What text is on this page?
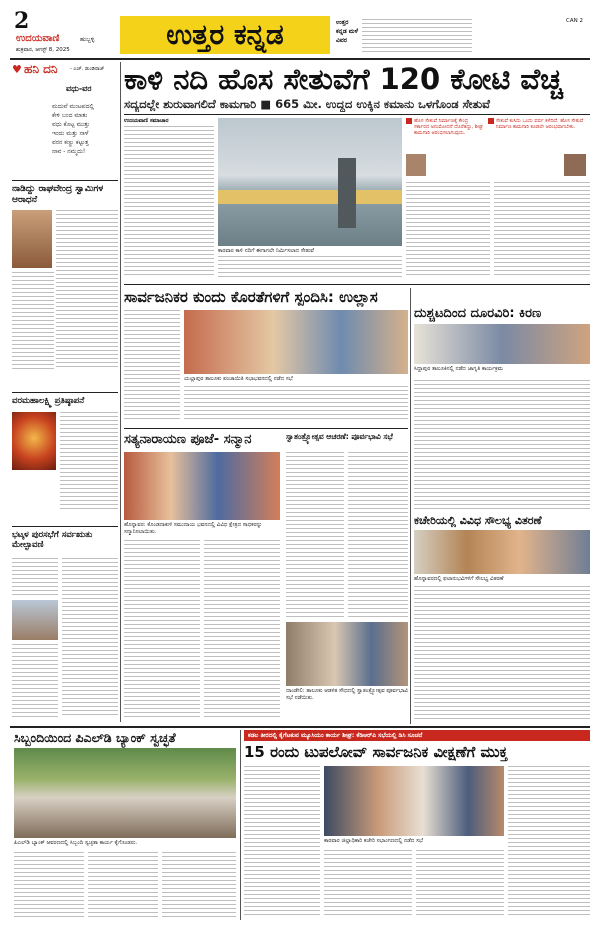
2
ಉದಯವಾಣಿ	ಹುಬ್ಬಳ್ಳಿ
ಶುಕ್ರವಾರ, ಆಗಸ್ಟ್ 8, 2025	ಉತ್ತರ ಕನ್ನಡ	ಉತ್ತರ ಕನ್ನಡ ಮಳೆ ವಿವರ
CAN 2
♥ ಹನಿ ದನಿ - ಎಚ್. ಡುಂಡಿರಾಜ್
ವಧು-ವರ
ಮದುವೆ ಮಂಟಪದಲ್ಲಿ
ಕೇಳಿ ಬಂದ ಮಾತು
ವಧು ಕೊಟ್ಟ ಮುತ್ತು
ಇಂದು ಮತ್ತು ನಾಳೆ
ವರನ ಕಣ್ಣು ಕಟ್ಟುತ್ತ
ನಾವ - ನಮ್ಮದು!
ನಾಡಿದ್ದು ರಾಘವೇಂದ್ರ ಸ್ವಾಮಿಗಳ ಆರಾಧನೆ
ವರಮಹಾಲಕ್ಷ್ಮಿ ಪ್ರತಿಷ್ಠಾಪನೆ
ಭಟ್ಕಳ ಪುರಸಭೆಗೆ ಸರ್ವಋತು ಮೇಲ್ಛಾವಣಿ
ಕಾಳಿ ನದಿ ಹೊಸ ಸೇತುವೆಗೆ 120 ಕೋಟಿ ವೆಚ್ಚ
ಸದ್ಯದಲ್ಲೇ ಶುರುವಾಗಲಿದೆ ಕಾಮಗಾರಿ ■ 665 ಮೀ. ಉದ್ದದ ಉಕ್ಕಿನ ಕಮಾನು ಒಳಗೊಂಡ ಸೇತುವೆ
ಉದಯವಾಣಿ ಸಮಾಚಾರ
ಕಾರವಾರ ಕಾಳಿ ನದಿಗೆ ಈಗಾಗಲೇ ನಿರ್ಮಿಸಲಾದ ಸೇತುವೆ
ಹೊಸ ಸೇತುವೆ ನಿರ್ಮಾಣಕ್ಕೆ ಕೇಂದ್ರ ಸರ್ಕಾರದ ಅನುಮೋದನೆ ದೊರೆತಿದ್ದು, ಶೀಘ್ರ ಕಾಮಗಾರಿ ಆರಂಭಿಸಲಾಗುವುದು.
ಸೇತುವೆ ಕುಸಿದು ಒಂದು ವರ್ಷ ಕಳೆದಿದೆ. ಹೊಸ ಸೇತುವೆ ನಿರ್ಮಾಣ ಕಾಮಗಾರಿ ಕೂಡಲೇ ಆರಂಭವಾಗಬೇಕು.
ಸಾರ್ವಜನಿಕರ ಕುಂದು ಕೊರತೆಗಳಿಗೆ ಸ್ಪಂದಿಸಿ: ಉಲ್ಲಾಸ
ಯಲ್ಲಾಪುರ ತಾಲೂಕು ಪಂಚಾಯಿತಿ ಸಭಾಭವನದಲ್ಲಿ ನಡೆದ ಸಭೆ
ದುಶ್ಚಟದಿಂದ ದೂರವಿರಿ: ಕಿರಣ
ಸಿದ್ದಾಪುರ ತಾಲೂಕಿನಲ್ಲಿ ನಡೆದ ಜಾಗೃತಿ ಕಾರ್ಯಕ್ರಮ
ಸತ್ಯನಾರಾಯಣ ಪೂಜೆ- ಸನ್ಮಾನ
ಹೊನ್ನಾವರ: ಕೊಂಡದಾಕುಳಿ ಸಮುದಾಯ ಭವನದಲ್ಲಿ ವಿವಿಧ ಕ್ಷೇತ್ರದ ಸಾಧಕರನ್ನು ಸನ್ಮಾನಿಸಲಾಯಿತು.
ಸ್ವಾತಂತ್ರ್ಯೋತ್ಸವ ಆಚರಣೆ: ಪೂರ್ವಭಾವಿ ಸಭೆ
ದಾಂಡೇಲಿ: ತಾಲೂಕು ಆಡಳಿತ ಸೌಧದಲ್ಲಿ ಸ್ವಾತಂತ್ರ್ಯೋತ್ಸವ ಪೂರ್ವಭಾವಿ ಸಭೆ ನಡೆಯಿತು.
ಕಚೇರಿಯಲ್ಲಿ ವಿವಿಧ ಸೌಲಭ್ಯ ವಿತರಣೆ
ಹೊನ್ನಾವರದಲ್ಲಿ ಫಲಾನುಭವಿಗಳಿಗೆ ಸೌಲಭ್ಯ ವಿತರಣೆ
ಸಿಬ್ಬಂದಿಯಿಂದ ಪಿಎಲ್‌ಡಿ ಬ್ಯಾಂಕ್ ಸ್ವಚ್ಛತೆ
ಪಿಎಲ್‌ಡಿ ಬ್ಯಾಂಕ್ ಆವರಣದಲ್ಲಿ ಸಿಬ್ಬಂದಿ ಸ್ವಚ್ಛತಾ ಕಾರ್ಯ ಕೈಗೊಂಡರು.
ಕಡಲ ತೀರದಲ್ಲಿ ಕೈಗೆಟಕುವ ಮ್ಯೂಸಿಯಂ ಕಾರ್ಯ ಶೀಘ್ರ: ಕೆಡಿಆರ್‌ಪಿ ಸಭೆಯಲ್ಲಿ ಡಿಸಿ ಸೂಚನೆ
15 ರಂದು ಟುಪಲೋವ್ ಸಾರ್ವಜನಿಕ ವೀಕ್ಷಣೆಗೆ ಮುಕ್ತ
ಕಾರವಾರ ಜಿಲ್ಲಾಧಿಕಾರಿ ಕಚೇರಿ ಸಭಾಂಗಣದಲ್ಲಿ ನಡೆದ ಸಭೆ
